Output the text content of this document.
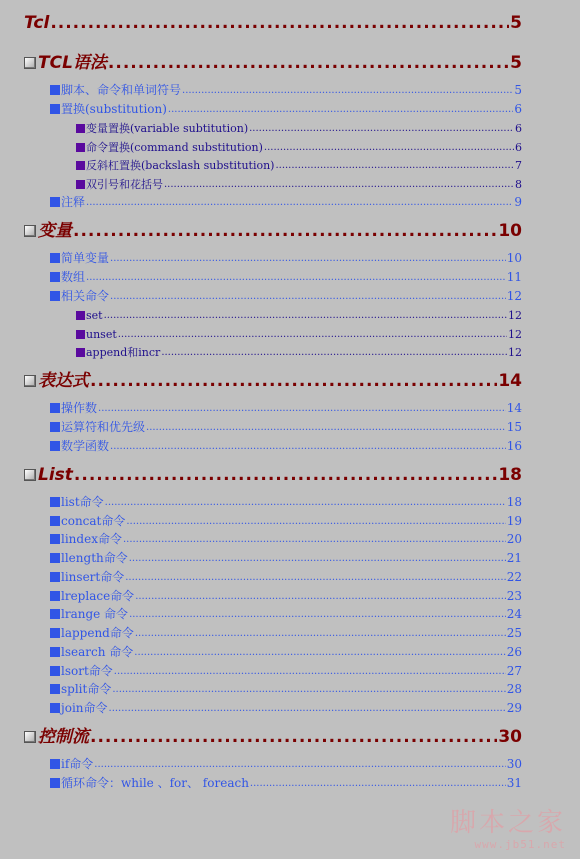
Tcl .....	5
TCL语法 .....	5
脚本、命令和单词符号 .....	5
置换(substitution) .....	6
变量置换(variable subtitution) .....	6
命令置换(command substitution) .....	6
反斜杠置换(backslash substitution) .....	7
双引号和花括号 .....	8
注释 .....	9
变量 .....	10
简单变量 .....	10
数组 .....	11
相关命令 .....	12
set .....	12
unset .....	12
append和incr .....	12
表达式 .....	14
操作数 .....	14
运算符和优先级 .....	15
数学函数 .....	16
List .....	18
list命令 .....	18
concat命令 .....	19
lindex命令 .....	20
llength命令 .....	21
linsert命令 .....	22
lreplace命令 .....	23
lrange 命令 .....	24
lappend命令 .....	25
lsearch 命令 .....	26
lsort命令 .....	27
split命令 .....	28
join命令 .....	29
控制流 .....	30
if命令 .....	30
循环命令：while 、for、 foreach .....	31
脚本之家
www.jb51.net
